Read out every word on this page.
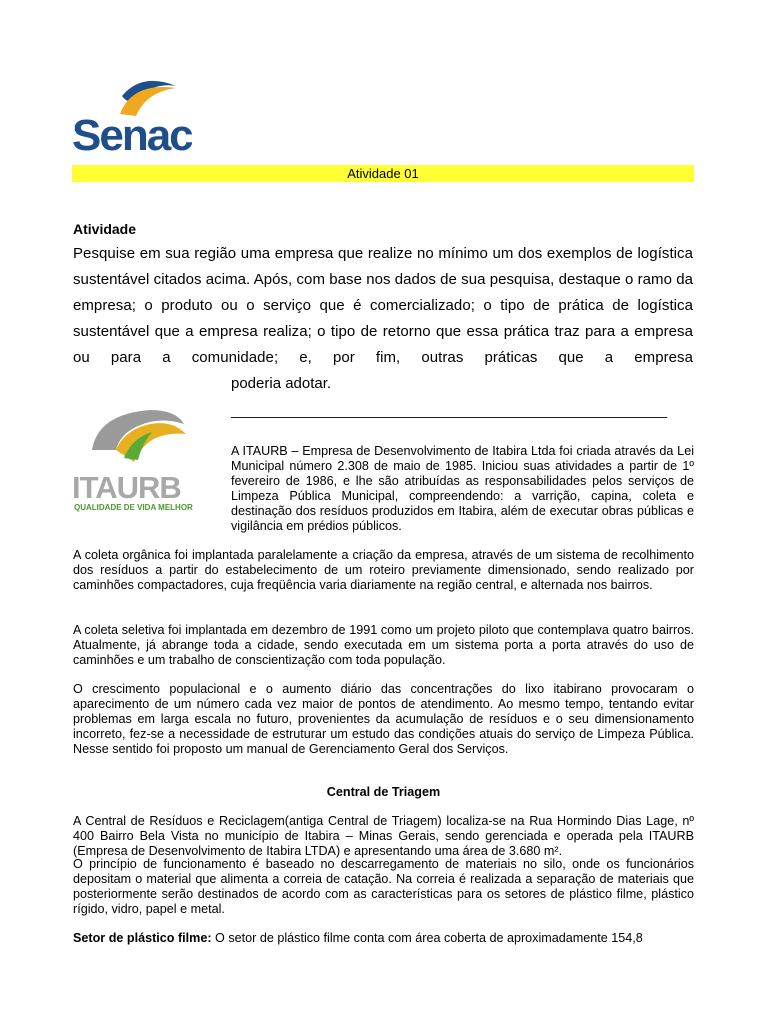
Senac
Atividade 01
Atividade

Pesquise em sua região uma empresa que realize no mínimo um dos exemplos de logística sustentável citados acima. Após, com base nos dados de sua pesquisa, destaque o ramo da empresa; o produto ou o serviço que é comercializado; o tipo de prática de logística sustentável que a empresa realiza; o tipo de retorno que essa prática traz para a empresa ou para a comunidade; e, por fim, outras práticas que a empresa

poderia adotar.
________________________________________________________
ITAURB
QUALIDADE DE VIDA MELHOR

A ITAURB – Empresa de Desenvolvimento de Itabira Ltda foi criada através da Lei Municipal número 2.308 de maio de 1985. Iniciou suas atividades a partir de 1º fevereiro de 1986, e lhe são atribuídas as responsabilidades pelos serviços de Limpeza Pública Municipal, compreendendo: a varrição, capina, coleta e destinação dos resíduos produzidos em Itabira, além de executar obras públicas e vigilância em prédios públicos.

A coleta orgânica foi implantada paralelamente a criação da empresa, através de um sistema de recolhimento dos resíduos a partir do estabelecimento de um roteiro previamente dimensionado, sendo realizado por caminhões compactadores, cuja freqüência varia diariamente na região central, e alternada nos bairros.

A coleta seletiva foi implantada em dezembro de 1991 como um projeto piloto que contemplava quatro bairros. Atualmente, já abrange toda a cidade, sendo executada em um sistema porta a porta através do uso de caminhões e um trabalho de conscientização com toda população.

O crescimento populacional e o aumento diário das concentrações do lixo itabirano provocaram o aparecimento de um número cada vez maior de pontos de atendimento. Ao mesmo tempo, tentando evitar problemas em larga escala no futuro, provenientes da acumulação de resíduos e o seu dimensionamento incorreto, fez-se a necessidade de estruturar um estudo das condições atuais do serviço de Limpeza Pública. Nesse sentido foi proposto um manual de Gerenciamento Geral dos Serviços.

Central de Triagem

A Central de Resíduos e Reciclagem(antiga Central de Triagem) localiza-se na Rua Hormindo Dias Lage, nº 400 Bairro Bela Vista no município de Itabira – Minas Gerais, sendo gerenciada e operada pela ITAURB (Empresa de Desenvolvimento de Itabira LTDA) e apresentando uma área de 3.680 m².

O princípio de funcionamento é baseado no descarregamento de materiais no silo, onde os funcionários depositam o material que alimenta a correia de catação. Na correia é realizada a separação de materiais que posteriormente serão destinados de acordo com as características para os setores de plástico filme, plástico rígido, vidro, papel e metal.

Setor de plástico filme: O setor de plástico filme conta com área coberta de aproximadamente 154,8
